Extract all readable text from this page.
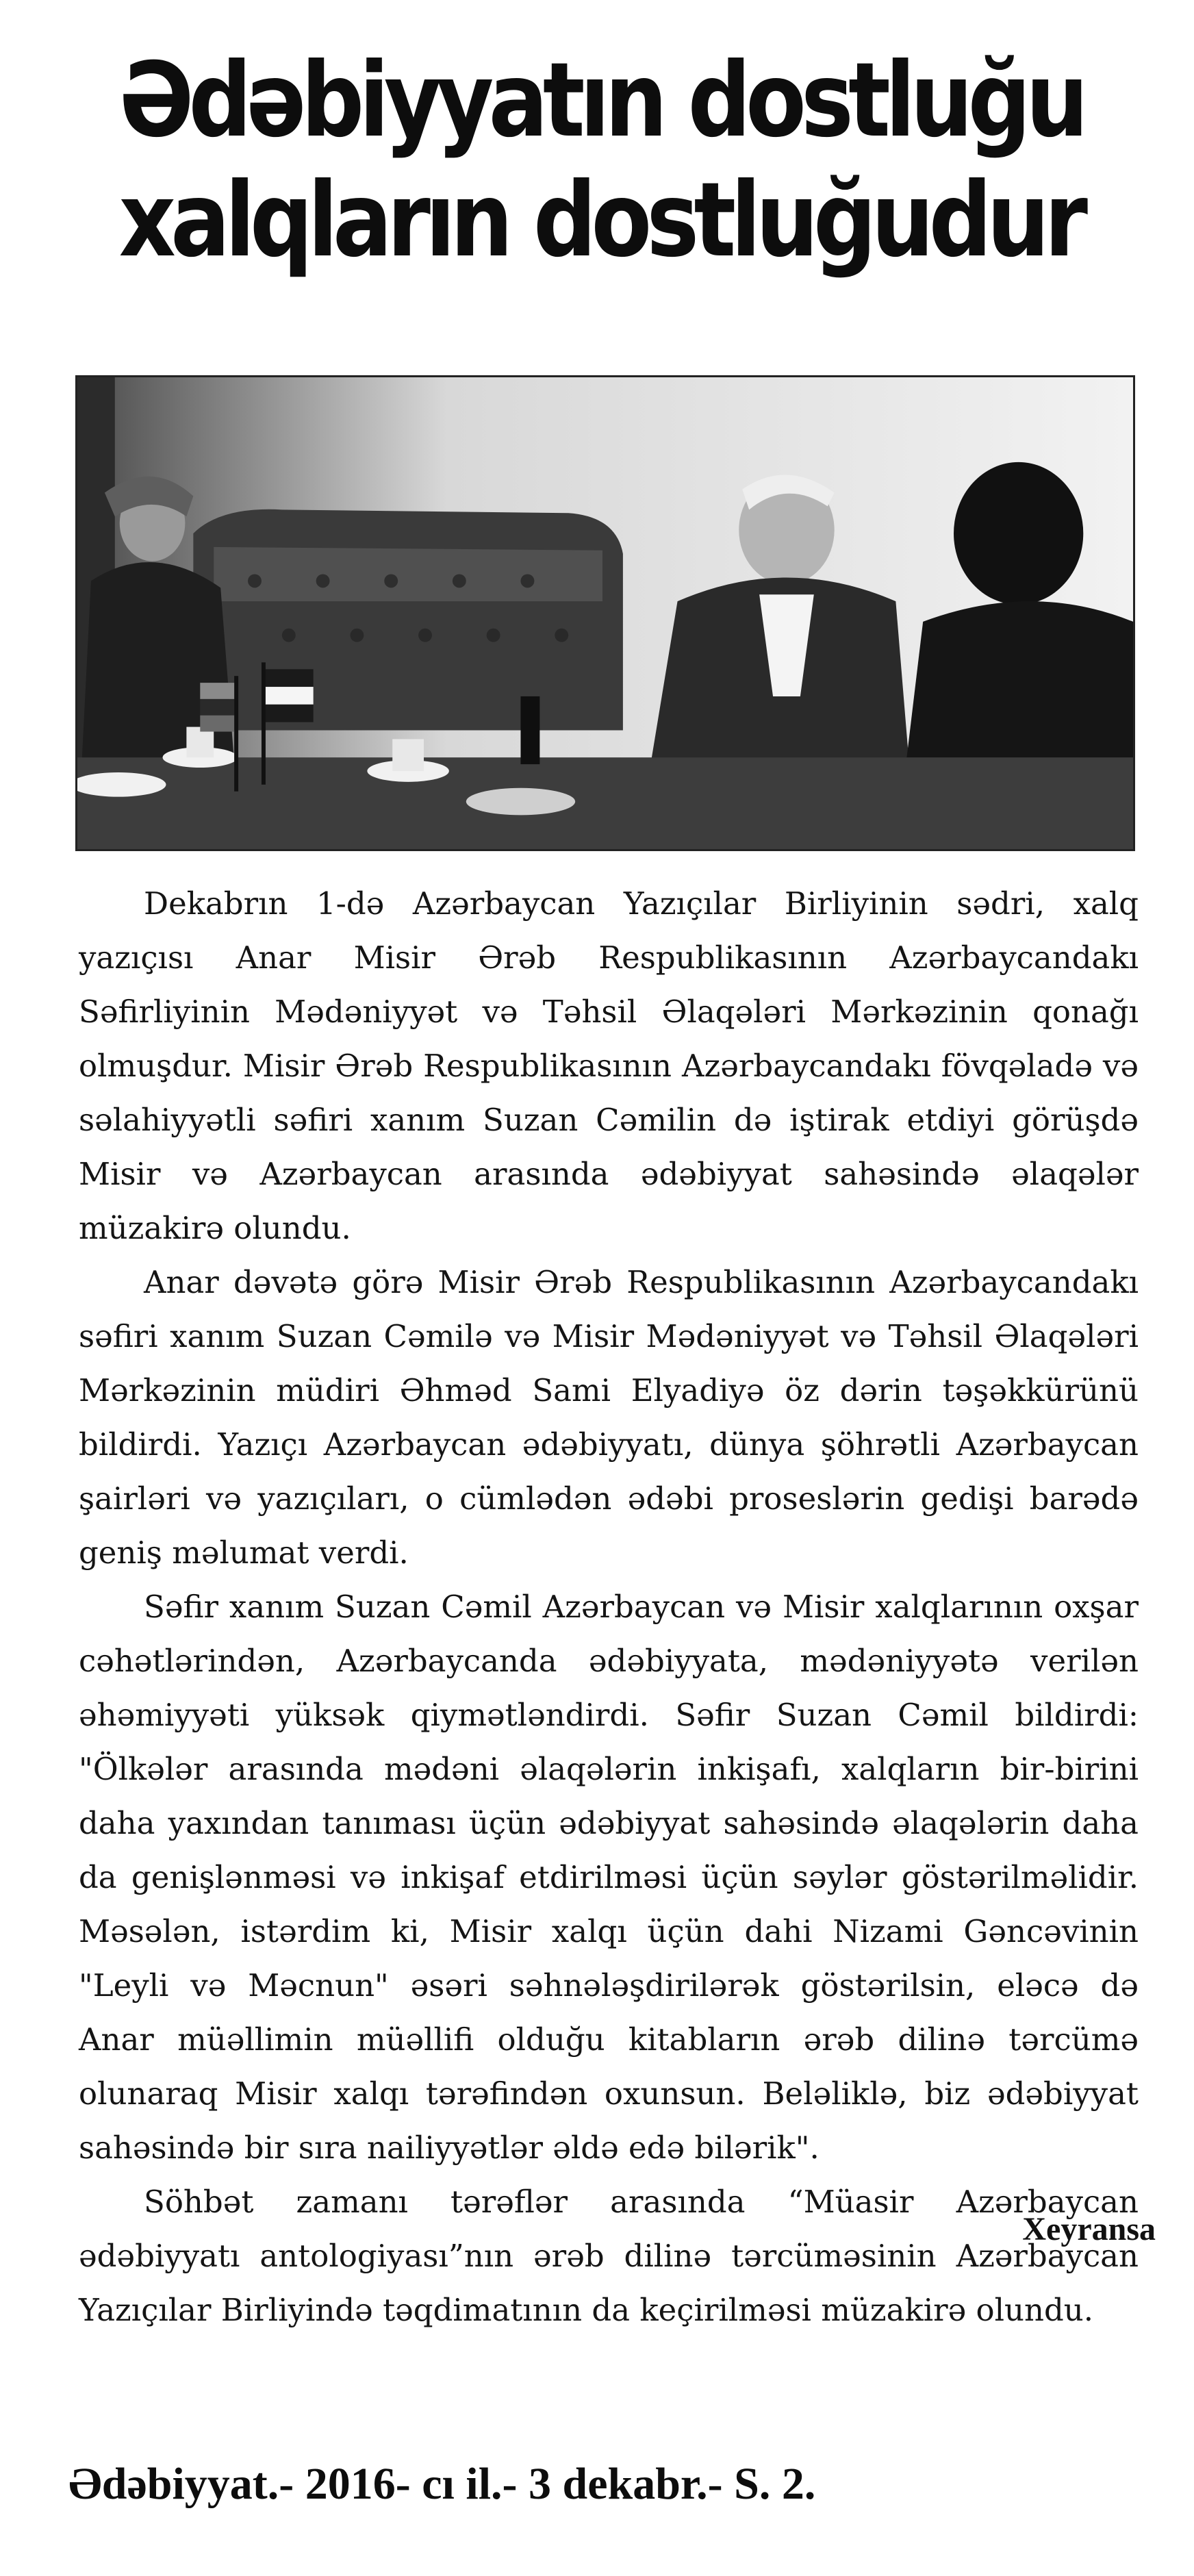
Ədəbiyyatın dostluğu
xalqların dostluğudur

Dekabrın 1-də Azərbaycan Yazıçılar Birliyinin sədri, xalq yazıçısı Anar Misir Ərəb Respublikasının Azərbaycandakı Səfirliyinin Mədəniyyət və Təhsil Əlaqələri Mərkəzinin qonağı olmuşdur. Misir Ərəb Respublikasının Azərbaycandakı fövqəladə və səlahiyyətli səfiri xanım Suzan Cəmilin də iştirak etdiyi görüşdə Misir və Azərbaycan arasında ədəbiyyat sahəsində əlaqələr müzakirə olundu.

Anar dəvətə görə Misir Ərəb Respublikasının Azərbaycandakı səfiri xanım Suzan Cəmilə və Misir Mədəniyyət və Təhsil Əlaqələri Mərkəzinin müdiri Əhməd Sami Elyadiyə öz dərin təşəkkürünü bildirdi. Yazıçı Azərbaycan ədəbiyyatı, dünya şöhrətli Azərbaycan şairləri və yazıçıları, o cümlədən ədəbi proseslərin gedişi barədə geniş məlumat verdi.

Səfir xanım Suzan Cəmil Azərbaycan və Misir xalqlarının oxşar cəhətlərindən, Azərbaycanda ədəbiyyata, mədəniyyətə verilən əhəmiyyəti yüksək qiymətləndirdi. Səfir Suzan Cəmil bildirdi: "Ölkələr arasında mədəni əlaqələrin inkişafı, xalqların bir-birini daha yaxından tanıması üçün ədəbiyyat sahəsində əlaqələrin daha da genişlənməsi və inkişaf etdirilməsi üçün səylər göstərilməlidir. Məsələn, istərdim ki, Misir xalqı üçün dahi Nizami Gəncəvinin "Leyli və Məcnun" əsəri səhnələşdirilərək göstərilsin, eləcə də Anar müəllimin müəllifi olduğu kitabların ərəb dilinə tərcümə olunaraq Misir xalqı tərəfindən oxunsun. Beləliklə, biz ədəbiyyat sahəsində bir sıra nailiyyətlər əldə edə bilərik".

Söhbət zamanı tərəflər arasında “Müasir Azərbaycan ədəbiyyatı antologiyası”nın ərəb dilinə tərcüməsinin Azərbaycan Yazıçılar Birliyində təqdimatının da keçirilməsi müzakirə olundu.

Xeyransa
Ədəbiyyat.- 2016- cı il.- 3 dekabr.- S. 2.
